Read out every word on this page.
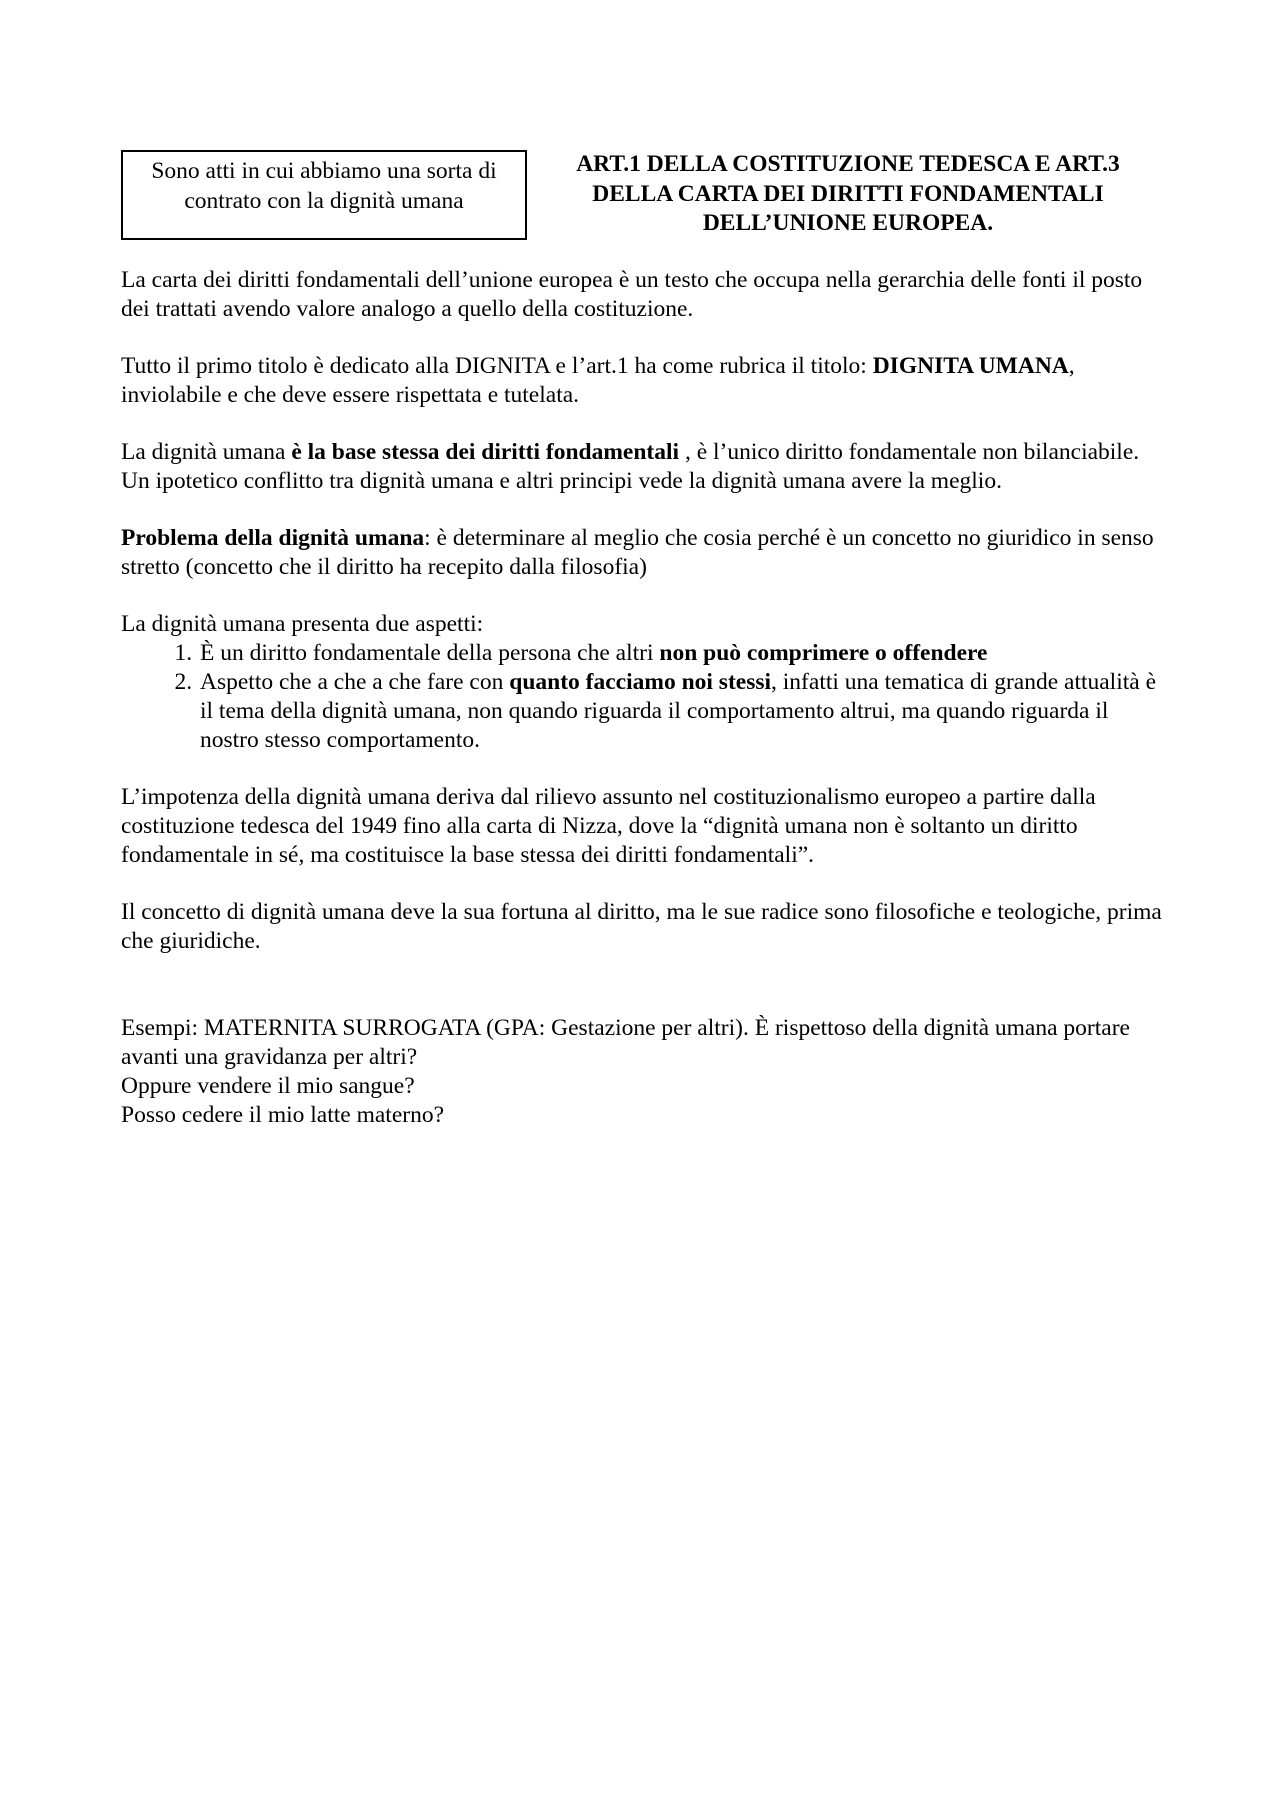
Sono atti in cui abbiamo una sorta di contrato con la dignità umana
ART.1 DELLA COSTITUZIONE TEDESCA E ART.3 DELLA CARTA DEI DIRITTI FONDAMENTALI DELL’UNIONE EUROPEA.

La carta dei diritti fondamentali dell’unione europea è un testo che occupa nella gerarchia delle fonti il posto dei trattati avendo valore analogo a quello della costituzione.

Tutto il primo titolo è dedicato alla DIGNITA e l’art.1 ha come rubrica il titolo: DIGNITA UMANA, inviolabile e che deve essere rispettata e tutelata.

La dignità umana è la base stessa dei diritti fondamentali , è l’unico diritto fondamentale non bilanciabile. Un ipotetico conflitto tra dignità umana e altri principi vede la dignità umana avere la meglio.

Problema della dignità umana: è determinare al meglio che cosia perché è un concetto no giuridico in senso stretto (concetto che il diritto ha recepito dalla filosofia)

La dignità umana presenta due aspetti:

1. È un diritto fondamentale della persona che altri non può comprimere o offendere
2. Aspetto che a che a che fare con quanto facciamo noi stessi, infatti una tematica di grande attualità è il tema della dignità umana, non quando riguarda il comportamento altrui, ma quando riguarda il nostro stesso comportamento.

L’impotenza della dignità umana deriva dal rilievo assunto nel costituzionalismo europeo a partire dalla costituzione tedesca del 1949 fino alla carta di Nizza, dove la “dignità umana non è soltanto un diritto fondamentale in sé, ma costituisce la base stessa dei diritti fondamentali”.

Il concetto di dignità umana deve la sua fortuna al diritto, ma le sue radice sono filosofiche e teologiche, prima che giuridiche.

Esempi: MATERNITA SURROGATA (GPA: Gestazione per altri). È rispettoso della dignità umana portare avanti una gravidanza per altri?

Oppure vendere il mio sangue?

Posso cedere il mio latte materno?
